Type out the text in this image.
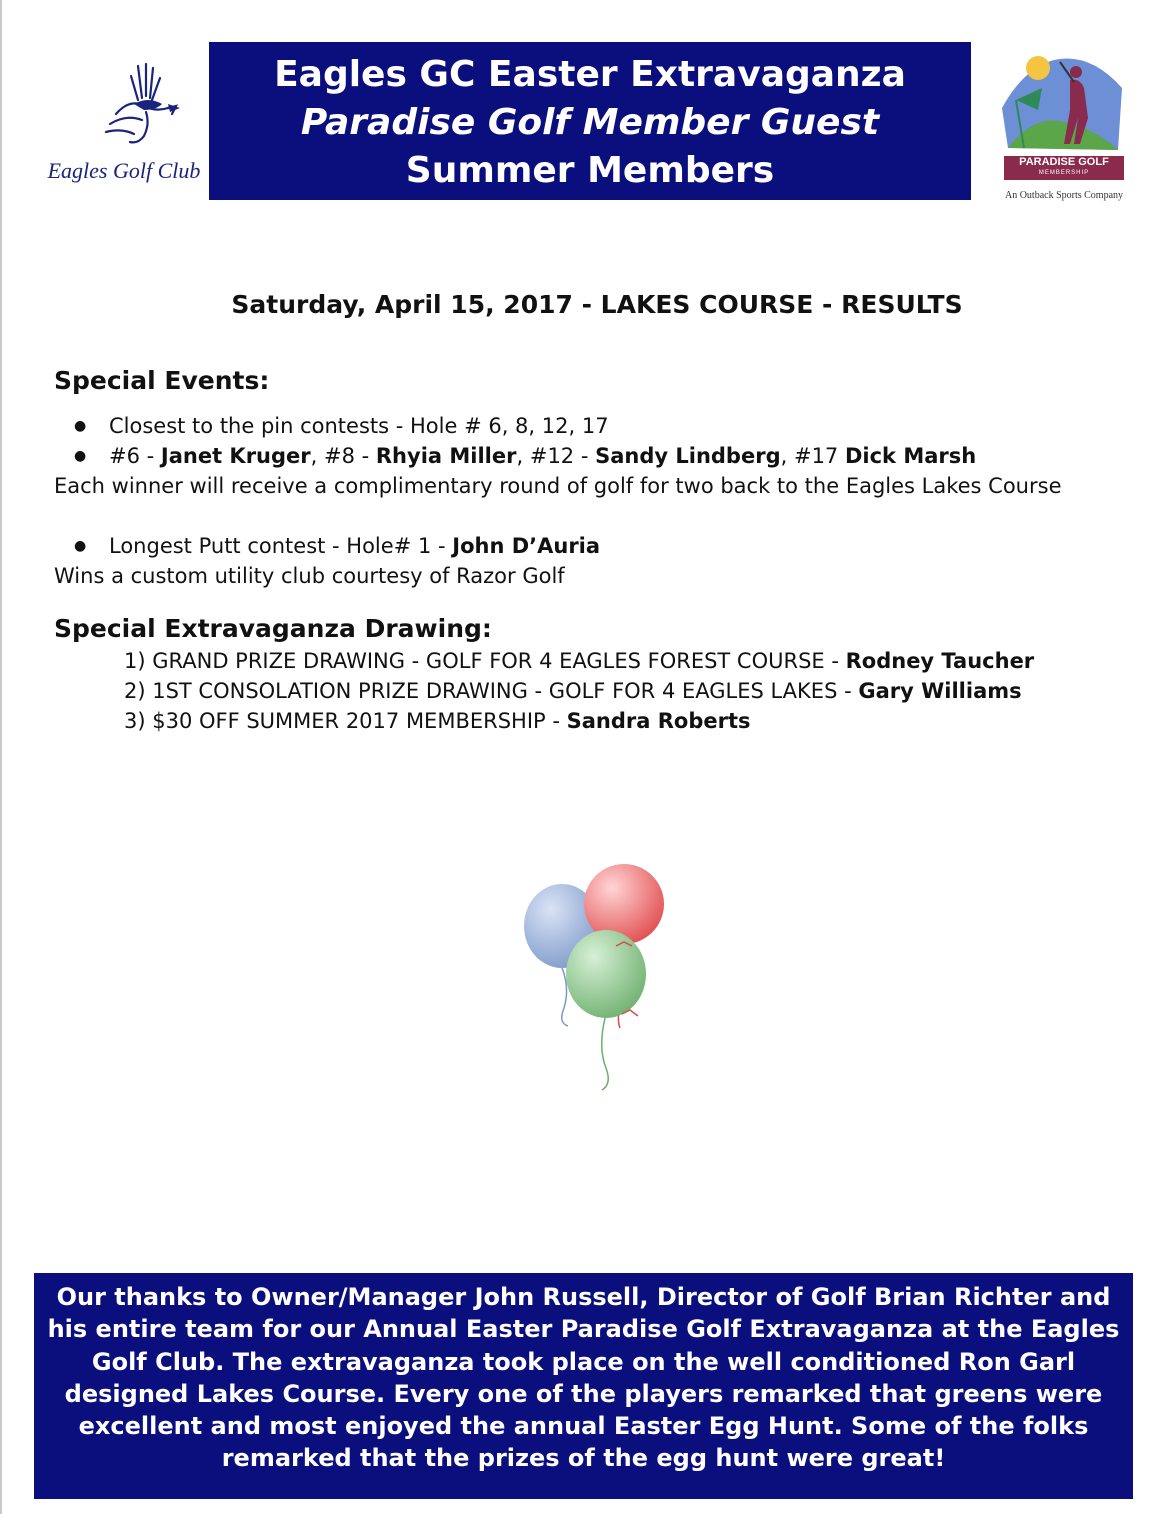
Eagles Golf Club
Eagles GC Easter Extravaganza
Paradise Golf Member Guest
Summer Members	PARADISE GOLF
MEMBERSHIP
An Outback Sports Company
Saturday, April 15, 2017 - LAKES COURSE - RESULTS
Special Events:
● Closest to the pin contests - Hole # 6, 8, 12, 17
● #6 - Janet Kruger, #8 - Rhyia Miller, #12 - Sandy Lindberg, #17 Dick Marsh
Each winner will receive a complimentary round of golf for two back to the Eagles Lakes Course
● Longest Putt contest - Hole# 1 - John D’Auria
Wins a custom utility club courtesy of Razor Golf
Special Extravaganza Drawing:
1) GRAND PRIZE DRAWING - GOLF FOR 4 EAGLES FOREST COURSE - Rodney Taucher
2) 1ST CONSOLATION PRIZE DRAWING - GOLF FOR 4 EAGLES LAKES - Gary Williams
3) $30 OFF SUMMER 2017 MEMBERSHIP - Sandra Roberts

Our thanks to Owner/Manager John Russell, Director of Golf Brian Richter and his entire team for our Annual Easter Paradise Golf Extravaganza at the Eagles Golf Club. The extravaganza took place on the well conditioned Ron Garl designed Lakes Course. Every one of the players remarked that greens were excellent and most enjoyed the annual Easter Egg Hunt. Some of the folks remarked that the prizes of the egg hunt were great!
